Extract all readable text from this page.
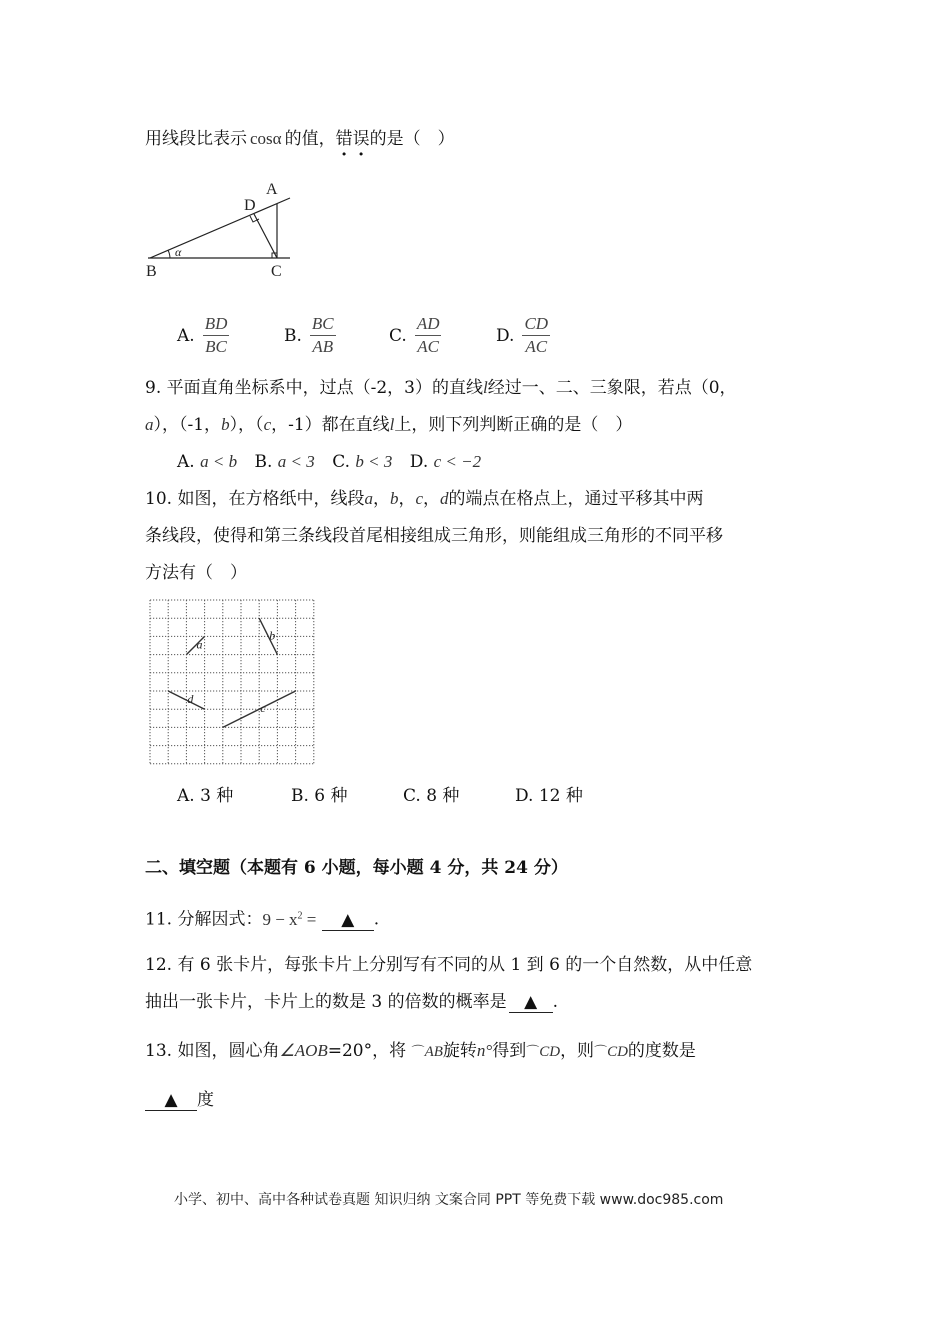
用线段比表示 cosα 的值，错误的是（　）
α
A
D
B	C
A. $\frac{BD}{BC}$	B. $\frac{BC}{AB}$	C. $\frac{AD}{AC}$	D. $\frac{CD}{AC}$
9. 平面直角坐标系中，过点（-2，3）的直线l经过一、二、三象限，若点（0，
a），（-1，b），（c，-1）都在直线l上，则下列判断正确的是（　）
A. a < b B. a < 3 C. b < 3 D. c < −2
10. 如图，在方格纸中，线段a，b，c，d的端点在格点上，通过平移其中两
条线段，使得和第三条线段首尾相接组成三角形，则能组成三角形的不同平移
方法有（　）
a
b
c
d
A. 3 种	B. 6 种	C. 8 种	D. 12 种
二、填空题（本题有 6 小题，每小题 4 分，共 24 分）
11. 分解因式：$9 - x^2$ = ▲ .
12. 有 6 张卡片，每张卡片上分别写有不同的从 1 到 6 的一个自然数，从中任意
抽出一张卡片，卡片上的数是 3 的倍数的概率是 ▲ .
13. 如图，圆心角∠AOB=20°，将 ⌒AB旋转n°得到⌒CD，则⌒CD的度数是
▲ 度
小学、初中、高中各种试卷真题 知识归纳 文案合同 PPT 等免费下载 www.doc985.com
